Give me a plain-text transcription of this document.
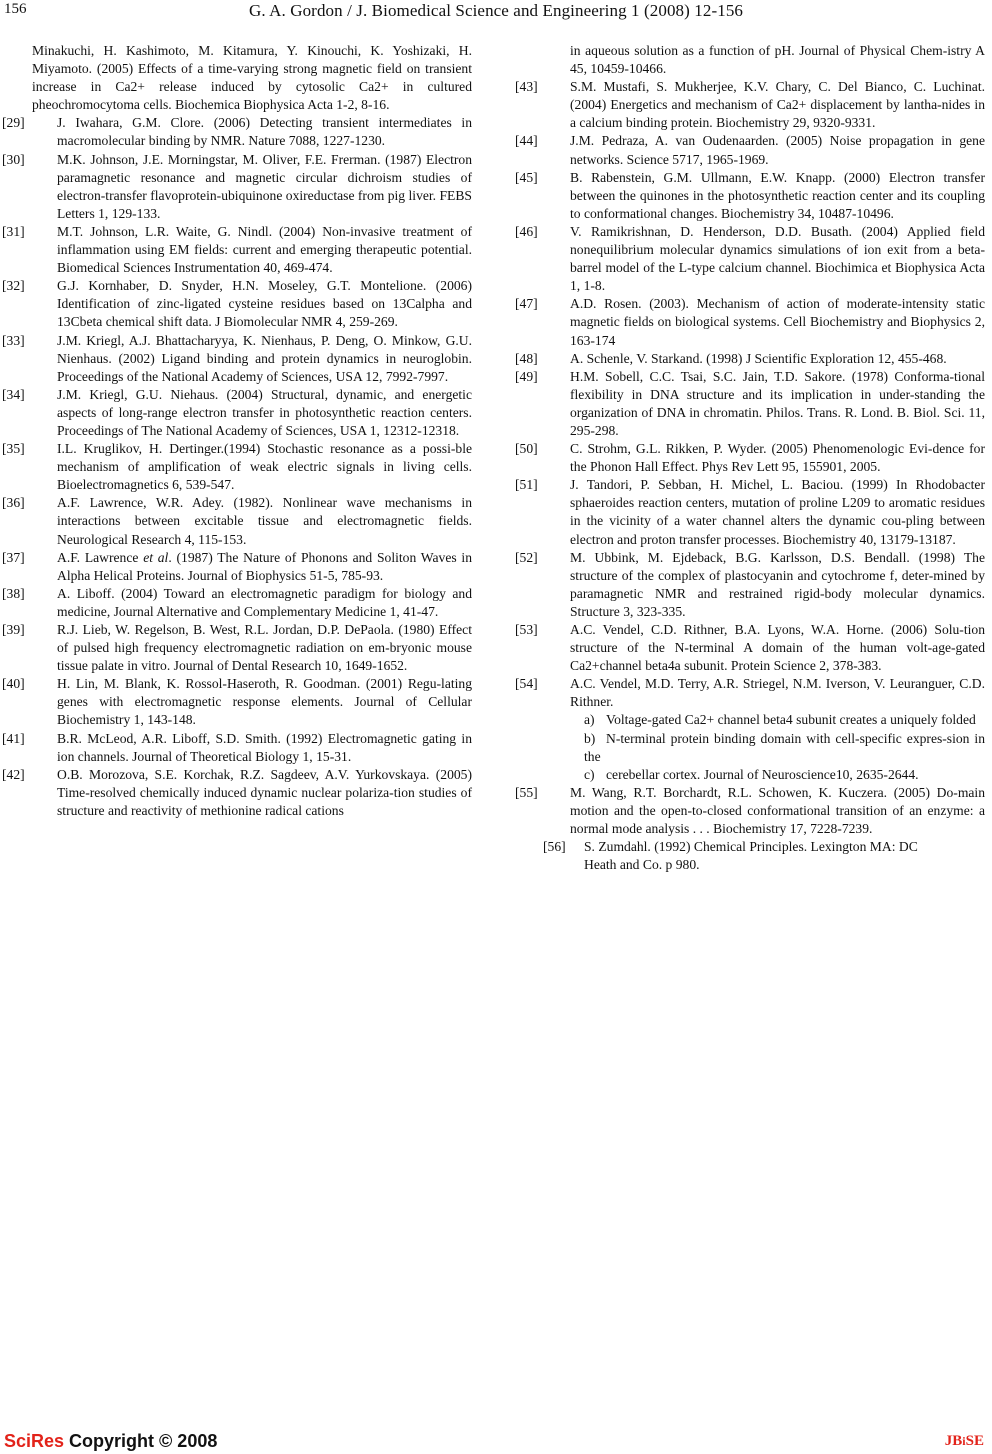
156	G. A. Gordon / J. Biomedical Science and Engineering 1 (2008) 12-156

Minakuchi, H. Kashimoto, M. Kitamura, Y. Kinouchi, K. Yoshizaki, H. Miyamoto. (2005) Effects of a time-varying strong magnetic field on transient increase in Ca2+ release induced by cytosolic Ca2+ in cultured pheochromocytoma cells. Biochemica Biophysica Acta 1-2, 8-16.

[29] J. Iwahara, G.M. Clore. (2006) Detecting transient intermediates in macromolecular binding by NMR. Nature 7088, 1227-1230.

[30] M.K. Johnson, J.E. Morningstar, M. Oliver, F.E. Frerman. (1987) Electron paramagnetic resonance and magnetic circular dichroism studies of electron-transfer flavoprotein-ubiquinone oxireductase from pig liver. FEBS Letters 1, 129-133.

[31] M.T. Johnson, L.R. Waite, G. Nindl. (2004) Non-invasive treatment of inflammation using EM fields: current and emerging therapeutic potential. Biomedical Sciences Instrumentation 40, 469-474.

[32] G.J. Kornhaber, D. Snyder, H.N. Moseley, G.T. Montelione. (2006) Identification of zinc-ligated cysteine residues based on 13Calpha and 13Cbeta chemical shift data. J Biomolecular NMR 4, 259-269.

[33] J.M. Kriegl, A.J. Bhattacharyya, K. Nienhaus, P. Deng, O. Minkow, G.U. Nienhaus. (2002) Ligand binding and protein dynamics in neuroglobin. Proceedings of the National Academy of Sciences, USA 12, 7992-7997.

[34] J.M. Kriegl, G.U. Niehaus. (2004) Structural, dynamic, and energetic aspects of long-range electron transfer in photosynthetic reaction centers. Proceedings of The National Academy of Sciences, USA 1, 12312-12318.

[35] I.L. Kruglikov, H. Dertinger.(1994) Stochastic resonance as a possi-ble mechanism of amplification of weak electric signals in living cells. Bioelectromagnetics 6, 539-547.

[36] A.F. Lawrence, W.R. Adey. (1982). Nonlinear wave mechanisms in interactions between excitable tissue and electromagnetic fields. Neurological Research 4, 115-153.

[37] A.F. Lawrence et al. (1987) The Nature of Phonons and Soliton Waves in Alpha Helical Proteins. Journal of Biophysics 51-5, 785-93.

[38] A. Liboff. (2004) Toward an electromagnetic paradigm for biology and medicine, Journal Alternative and Complementary Medicine 1, 41-47.

[39] R.J. Lieb, W. Regelson, B. West, R.L. Jordan, D.P. DePaola. (1980) Effect of pulsed high frequency electromagnetic radiation on em-bryonic mouse tissue palate in vitro. Journal of Dental Research 10, 1649-1652.

[40] H. Lin, M. Blank, K. Rossol-Haseroth, R. Goodman. (2001) Regu-lating genes with electromagnetic response elements. Journal of Cellular Biochemistry 1, 143-148.

[41] B.R. McLeod, A.R. Liboff, S.D. Smith. (1992) Electromagnetic gating in ion channels. Journal of Theoretical Biology 1, 15-31.

[42] O.B. Morozova, S.E. Korchak, R.Z. Sagdeev, A.V. Yurkovskaya. (2005) Time-resolved chemically induced dynamic nuclear polariza-tion studies of structure and reactivity of methionine radical cations

in aqueous solution as a function of pH. Journal of Physical Chem-istry A 45, 10459-10466.

[43] S.M. Mustafi, S. Mukherjee, K.V. Chary, C. Del Bianco, C. Luchinat. (2004) Energetics and mechanism of Ca2+ displacement by lantha-nides in a calcium binding protein. Biochemistry 29, 9320-9331.

[44] J.M. Pedraza, A. van Oudenaarden. (2005) Noise propagation in gene networks. Science 5717, 1965-1969.

[45] B. Rabenstein, G.M. Ullmann, E.W. Knapp. (2000) Electron transfer between the quinones in the photosynthetic reaction center and its coupling to conformational changes. Biochemistry 34, 10487-10496.

[46] V. Ramikrishnan, D. Henderson, D.D. Busath. (2004) Applied field nonequilibrium molecular dynamics simulations of ion exit from a beta-barrel model of the L-type calcium channel. Biochimica et Biophysica Acta 1, 1-8.

[47] A.D. Rosen. (2003). Mechanism of action of moderate-intensity static magnetic fields on biological systems. Cell Biochemistry and Biophysics 2, 163-174

[48] A. Schenle, V. Starkand. (1998) J Scientific Exploration 12, 455-468.

[49] H.M. Sobell, C.C. Tsai, S.C. Jain, T.D. Sakore. (1978) Conforma-tional flexibility in DNA structure and its implication in under-standing the organization of DNA in chromatin. Philos. Trans. R. Lond. B. Biol. Sci. 11, 295-298.

[50] C. Strohm, G.L. Rikken, P. Wyder. (2005) Phenomenologic Evi-dence for the Phonon Hall Effect. Phys Rev Lett 95, 155901, 2005.

[51] J. Tandori, P. Sebban, H. Michel, L. Baciou. (1999) In Rhodobacter sphaeroides reaction centers, mutation of proline L209 to aromatic residues in the vicinity of a water channel alters the dynamic cou-pling between electron and proton transfer processes. Biochemistry 40, 13179-13187.

[52] M. Ubbink, M. Ejdeback, B.G. Karlsson, D.S. Bendall. (1998) The structure of the complex of plastocyanin and cytochrome f, deter-mined by paramagnetic NMR and restrained rigid-body molecular dynamics. Structure 3, 323-335.

[53] A.C. Vendel, C.D. Rithner, B.A. Lyons, W.A. Horne. (2006) Solu-tion structure of the N-terminal A domain of the human volt-age-gated Ca2+channel beta4a subunit. Protein Science 2, 378-383.

[54] A.C. Vendel, M.D. Terry, A.R. Striegel, N.M. Iverson, V. Leuranguer, C.D. Rithner.

a) Voltage-gated Ca2+ channel beta4 subunit creates a uniquely folded

b) N-terminal protein binding domain with cell-specific expres-sion in the

c) cerebellar cortex. Journal of Neuroscience10, 2635-2644.

[55] M. Wang, R.T. Borchardt, R.L. Schowen, K. Kuczera. (2005) Do-main motion and the open-to-closed conformational transition of an enzyme: a normal mode analysis . . . Biochemistry 17, 7228-7239.

[56] S. Zumdahl. (1992) Chemical Principles. Lexington MA: DC
Heath and Co. p 980.

SciRes Copyright © 2008	JBiSE
